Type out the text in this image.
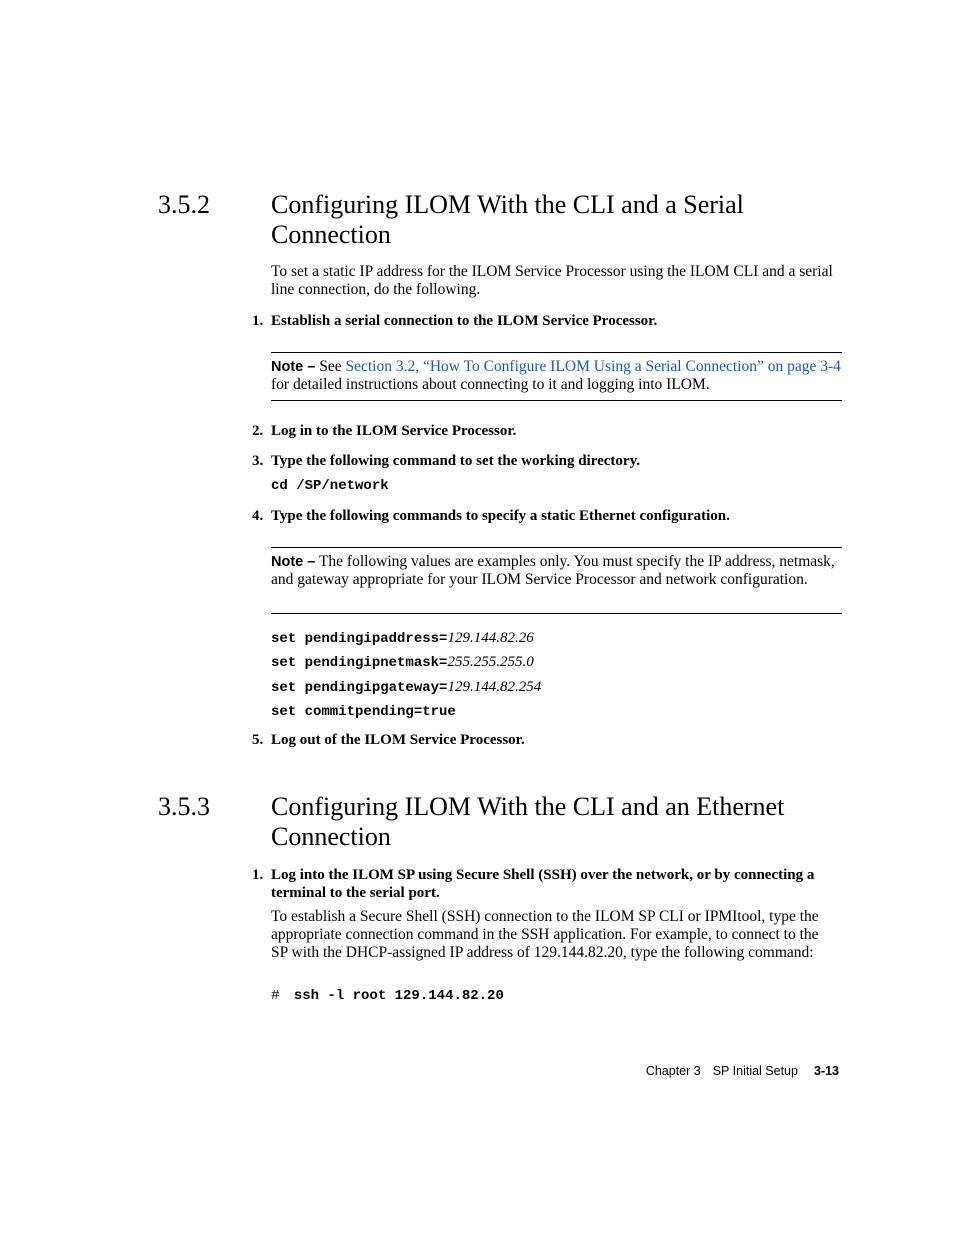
3.5.2 Configuring ILOM With the CLI and a Serial
Connection
To set a static IP address for the ILOM Service Processor using the ILOM CLI and a serial line connection, do the following.
1. Establish a serial connection to the ILOM Service Processor.
Note – See Section 3.2, “How To Configure ILOM Using a Serial Connection” on page 3-4 for detailed instructions about connecting to it and logging into ILOM.
2. Log in to the ILOM Service Processor.
3. Type the following command to set the working directory.
cd /SP/network
4. Type the following commands to specify a static Ethernet configuration.
Note – The following values are examples only. You must specify the IP address, netmask, and gateway appropriate for your ILOM Service Processor and network configuration.
set pendingipaddress=129.144.82.26
set pendingipnetmask=255.255.255.0
set pendingipgateway=129.144.82.254
set commitpending=true
5. Log out of the ILOM Service Processor.
3.5.3 Configuring ILOM With the CLI and an Ethernet
Connection
1. Log into the ILOM SP using Secure Shell (SSH) over the network, or by connecting a terminal to the serial port.
To establish a Secure Shell (SSH) connection to the ILOM SP CLI or IPMItool, type the appropriate connection command in the SSH application. For example, to connect to the SP with the DHCP-assigned IP address of 129.144.82.20, type the following command:
# ssh -l root 129.144.82.20
Chapter 3 SP Initial Setup 3-13
